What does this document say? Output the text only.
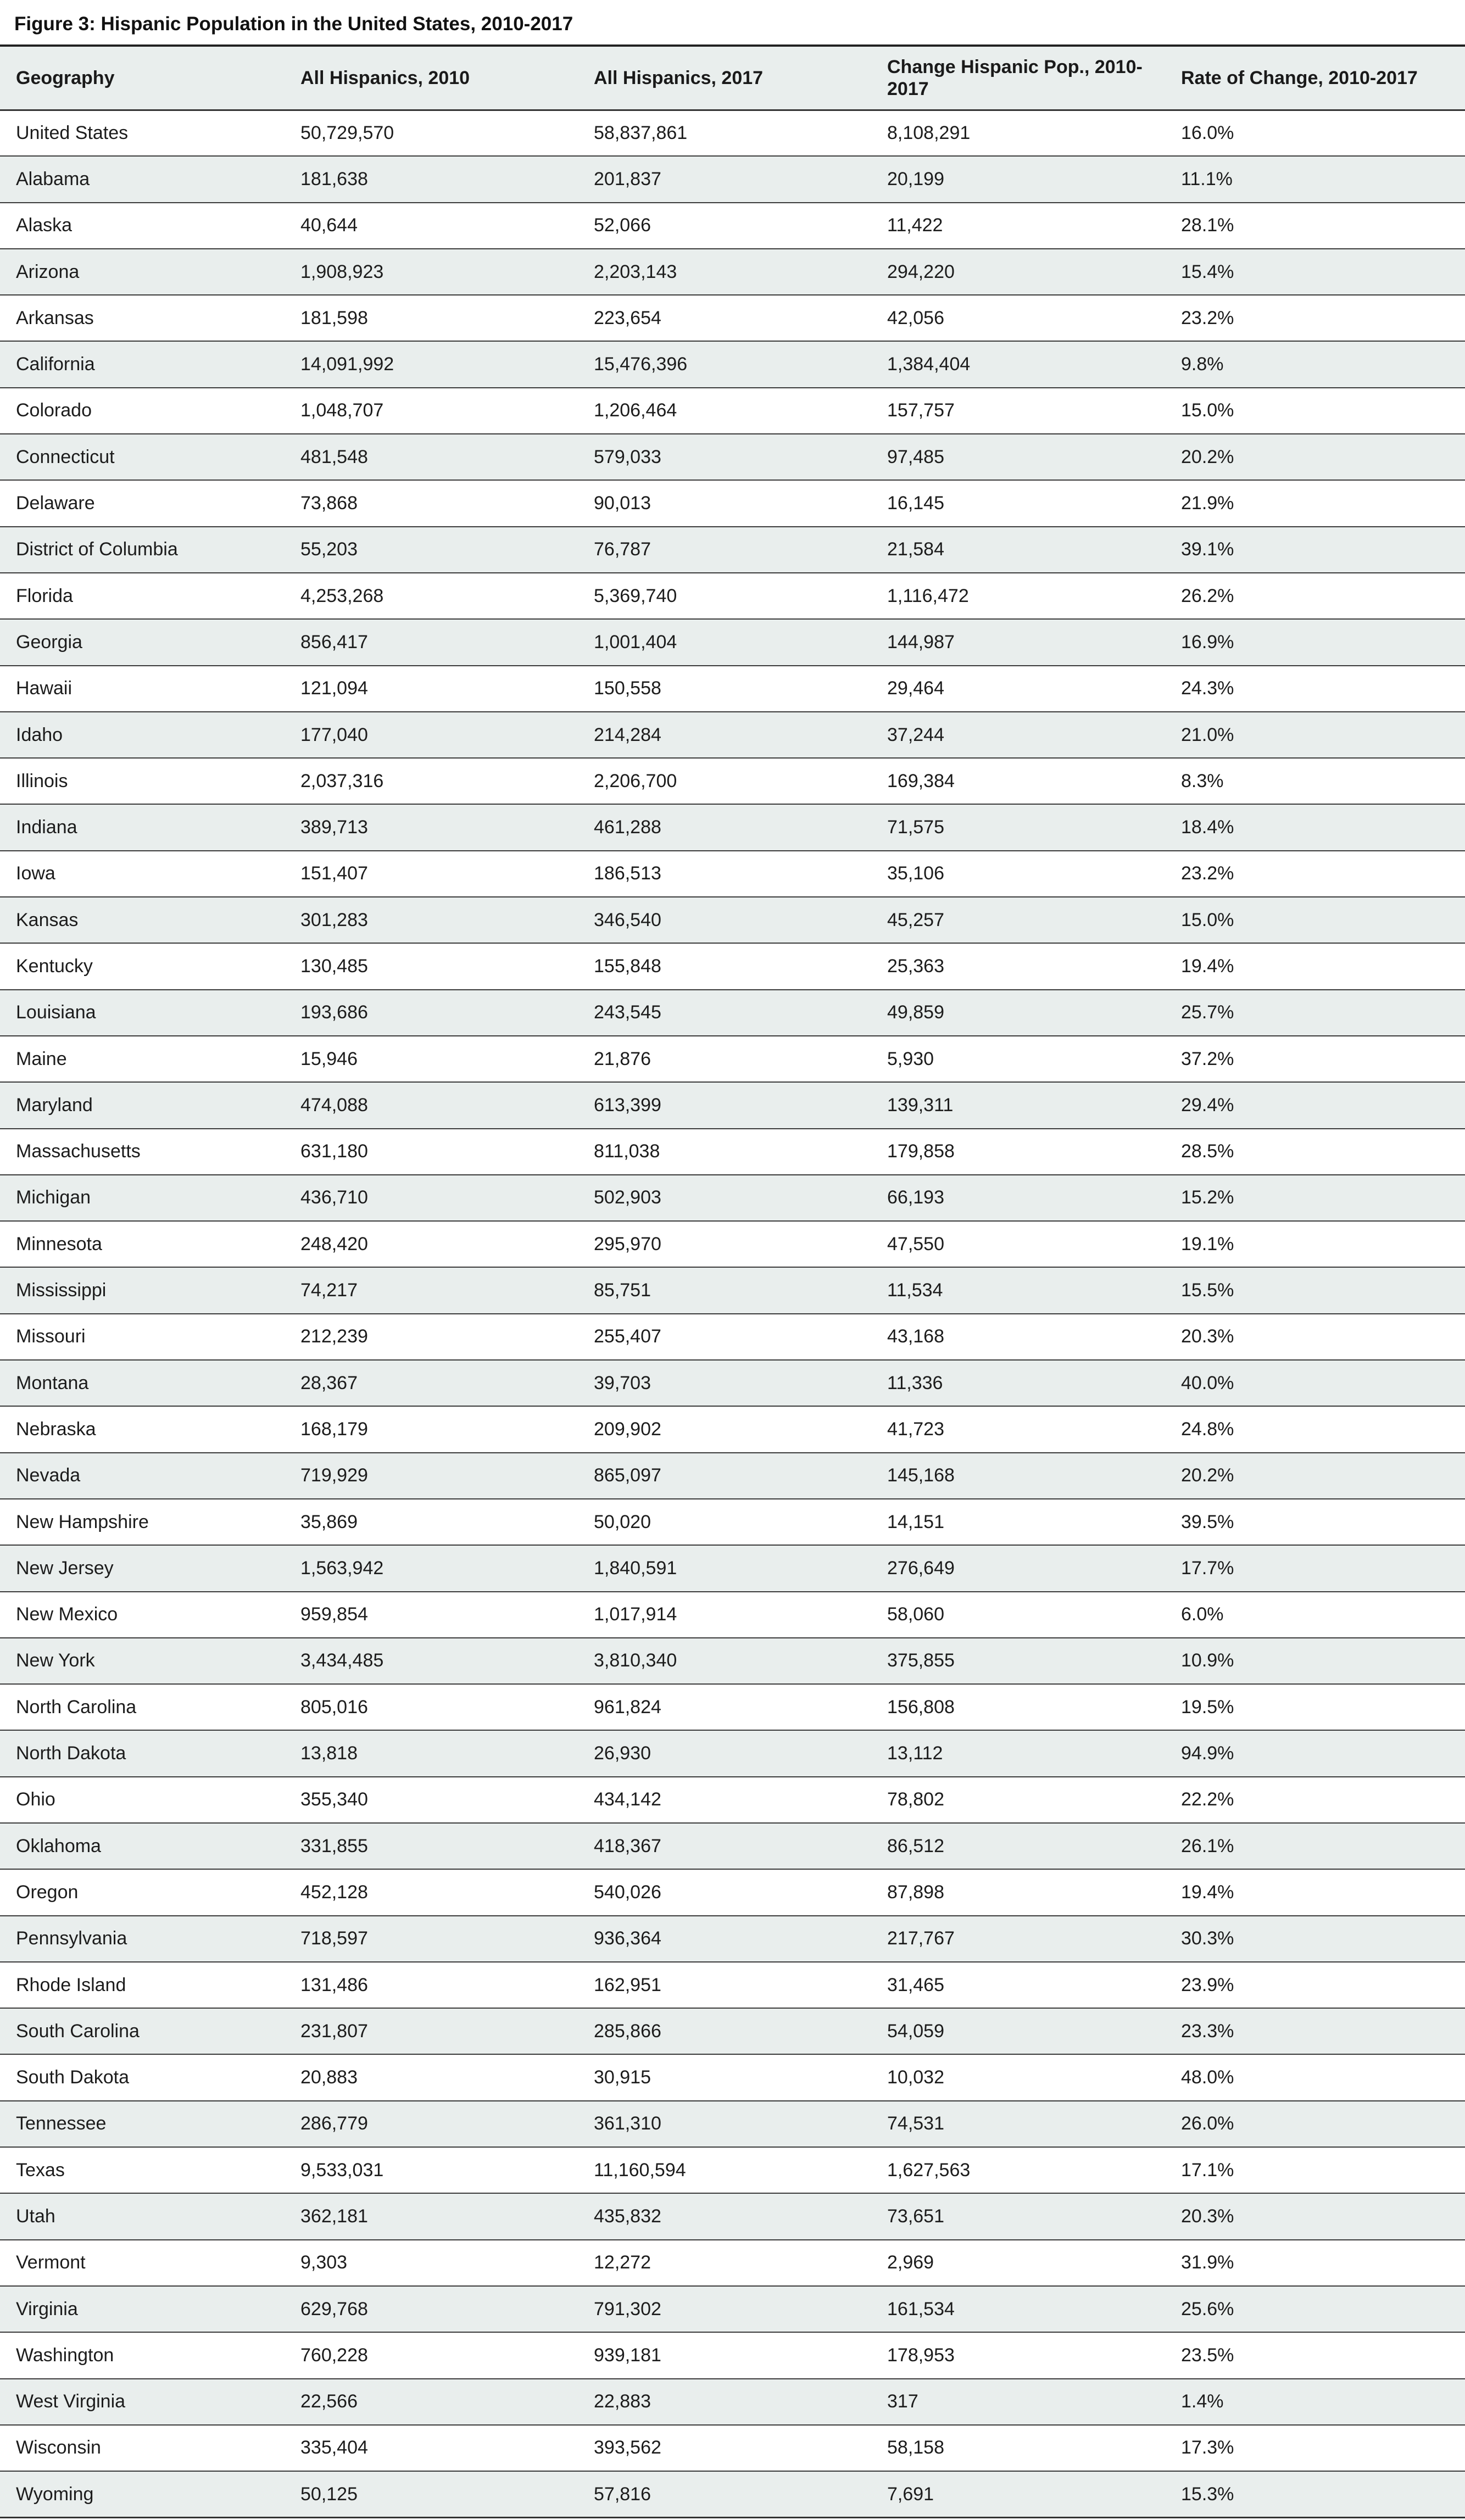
Figure 3: Hispanic Population in the United States, 2010-2017
Geography	All Hispanics, 2010	All Hispanics, 2017	Change Hispanic Pop., 2010-2017	Rate of Change, 2010-2017
United States	50,729,570	58,837,861	8,108,291	16.0%
Alabama	181,638	201,837	20,199	11.1%
Alaska	40,644	52,066	11,422	28.1%
Arizona	1,908,923	2,203,143	294,220	15.4%
Arkansas	181,598	223,654	42,056	23.2%
California	14,091,992	15,476,396	1,384,404	9.8%
Colorado	1,048,707	1,206,464	157,757	15.0%
Connecticut	481,548	579,033	97,485	20.2%
Delaware	73,868	90,013	16,145	21.9%
District of Columbia	55,203	76,787	21,584	39.1%
Florida	4,253,268	5,369,740	1,116,472	26.2%
Georgia	856,417	1,001,404	144,987	16.9%
Hawaii	121,094	150,558	29,464	24.3%
Idaho	177,040	214,284	37,244	21.0%
Illinois	2,037,316	2,206,700	169,384	8.3%
Indiana	389,713	461,288	71,575	18.4%
Iowa	151,407	186,513	35,106	23.2%
Kansas	301,283	346,540	45,257	15.0%
Kentucky	130,485	155,848	25,363	19.4%
Louisiana	193,686	243,545	49,859	25.7%
Maine	15,946	21,876	5,930	37.2%
Maryland	474,088	613,399	139,311	29.4%
Massachusetts	631,180	811,038	179,858	28.5%
Michigan	436,710	502,903	66,193	15.2%
Minnesota	248,420	295,970	47,550	19.1%
Mississippi	74,217	85,751	11,534	15.5%
Missouri	212,239	255,407	43,168	20.3%
Montana	28,367	39,703	11,336	40.0%
Nebraska	168,179	209,902	41,723	24.8%
Nevada	719,929	865,097	145,168	20.2%
New Hampshire	35,869	50,020	14,151	39.5%
New Jersey	1,563,942	1,840,591	276,649	17.7%
New Mexico	959,854	1,017,914	58,060	6.0%
New York	3,434,485	3,810,340	375,855	10.9%
North Carolina	805,016	961,824	156,808	19.5%
North Dakota	13,818	26,930	13,112	94.9%
Ohio	355,340	434,142	78,802	22.2%
Oklahoma	331,855	418,367	86,512	26.1%
Oregon	452,128	540,026	87,898	19.4%
Pennsylvania	718,597	936,364	217,767	30.3%
Rhode Island	131,486	162,951	31,465	23.9%
South Carolina	231,807	285,866	54,059	23.3%
South Dakota	20,883	30,915	10,032	48.0%
Tennessee	286,779	361,310	74,531	26.0%
Texas	9,533,031	11,160,594	1,627,563	17.1%
Utah	362,181	435,832	73,651	20.3%
Vermont	9,303	12,272	2,969	31.9%
Virginia	629,768	791,302	161,534	25.6%
Washington	760,228	939,181	178,953	23.5%
West Virginia	22,566	22,883	317	1.4%
Wisconsin	335,404	393,562	58,158	17.3%
Wyoming	50,125	57,816	7,691	15.3%
